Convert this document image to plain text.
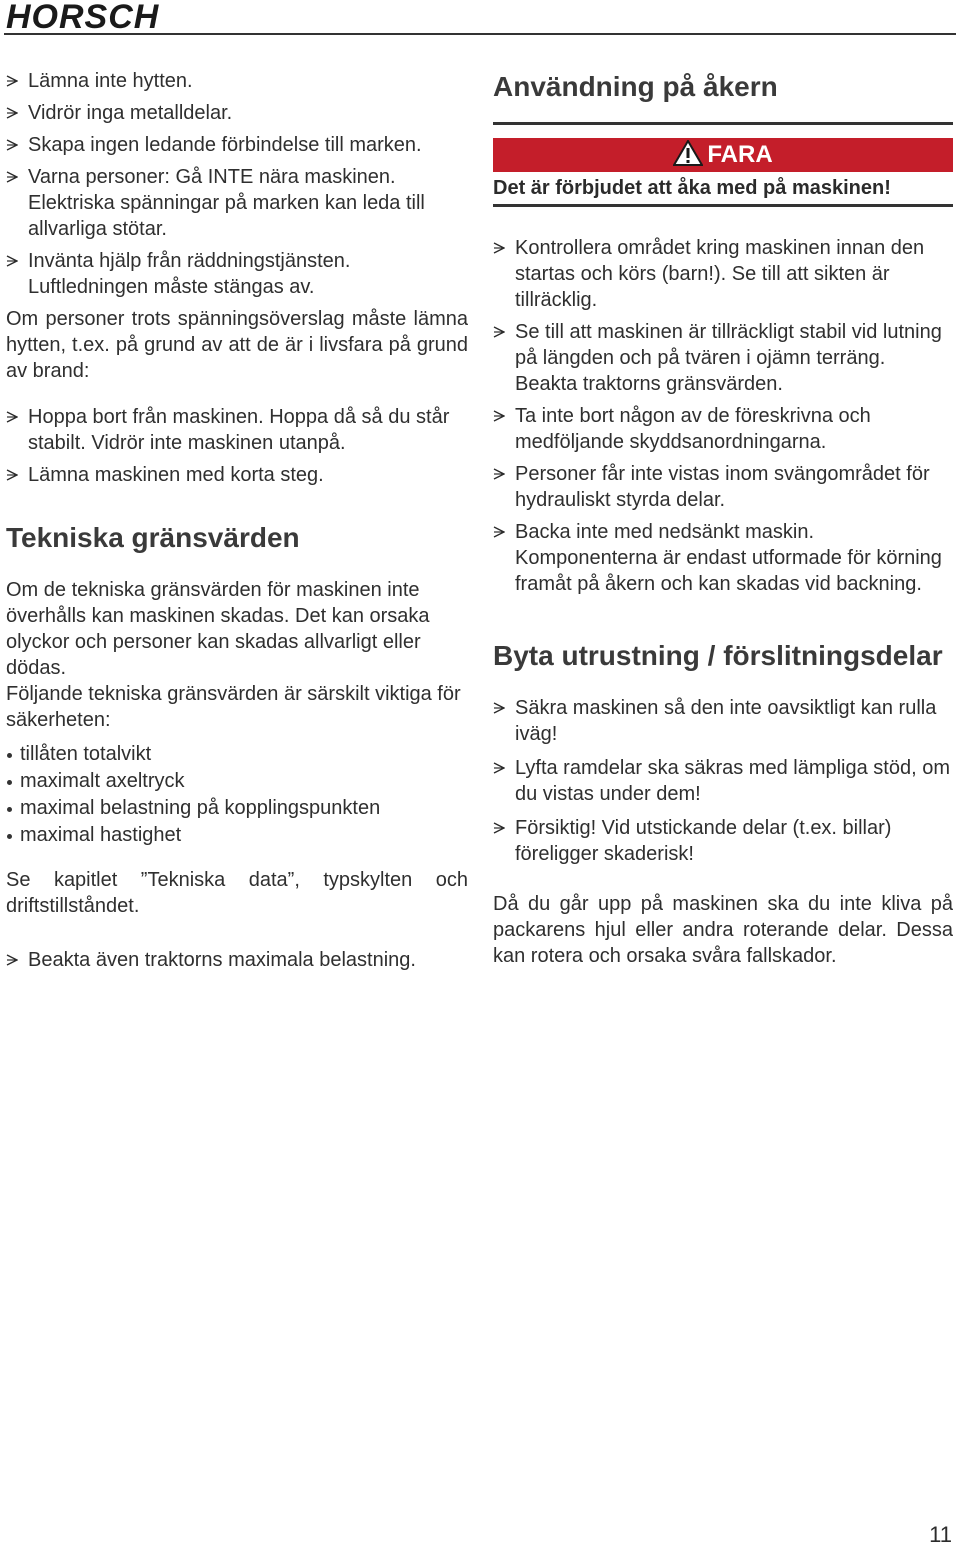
HORSCH
Lämna inte hytten.
Vidrör inga metalldelar.
Skapa ingen ledande förbindelse till marken.
Varna personer: Gå INTE nära maskinen. Elektriska spänningar på marken kan leda till allvarliga stötar.
Invänta hjälp från räddningstjänsten. Luftledningen måste stängas av.

Om personer trots spänningsöverslag måste lämna hytten, t.ex. på grund av att de är i livsfara på grund av brand:

Hoppa bort från maskinen. Hoppa då så du står stabilt. Vidrör inte maskinen utanpå.
Lämna maskinen med korta steg.
Tekniska gränsvärden

Om de tekniska gränsvärden för maskinen inte överhålls kan maskinen skadas. Det kan orsaka olyckor och personer kan skadas allvarligt eller dödas.

Följande tekniska gränsvärden är särskilt viktiga för säkerheten:

tillåten totalvikt
maximalt axeltryck
maximal belastning på kopplingspunkten
maximal hastighet

Se kapitlet ”Tekniska data”, typskylten och driftstillståndet.

Beakta även traktorns maximala belastning.
Användning på åkern
FARA
Det är förbjudet att åka med på maskinen!
Kontrollera området kring maskinen innan den startas och körs (barn!). Se till att sikten är tillräcklig.
Se till att maskinen är tillräckligt stabil vid lutning på längden och på tvären i ojämn terräng. Beakta traktorns gränsvärden.
Ta inte bort någon av de föreskrivna och medföljande skyddsanordningarna.
Personer får inte vistas inom svängområdet för hydrauliskt styrda delar.
Backa inte med nedsänkt maskin. Komponenterna är endast utformade för körning framåt på åkern och kan skadas vid backning.
Byta utrustning / förslitningsdelar
Säkra maskinen så den inte oavsiktligt kan rulla iväg!
Lyfta ramdelar ska säkras med lämpliga stöd, om du vistas under dem!
Försiktig! Vid utstickande delar (t.ex. billar) föreligger skaderisk!

Då du går upp på maskinen ska du inte kliva på packarens hjul eller andra roterande delar. Dessa kan rotera och orsaka svåra fallskador.

11
